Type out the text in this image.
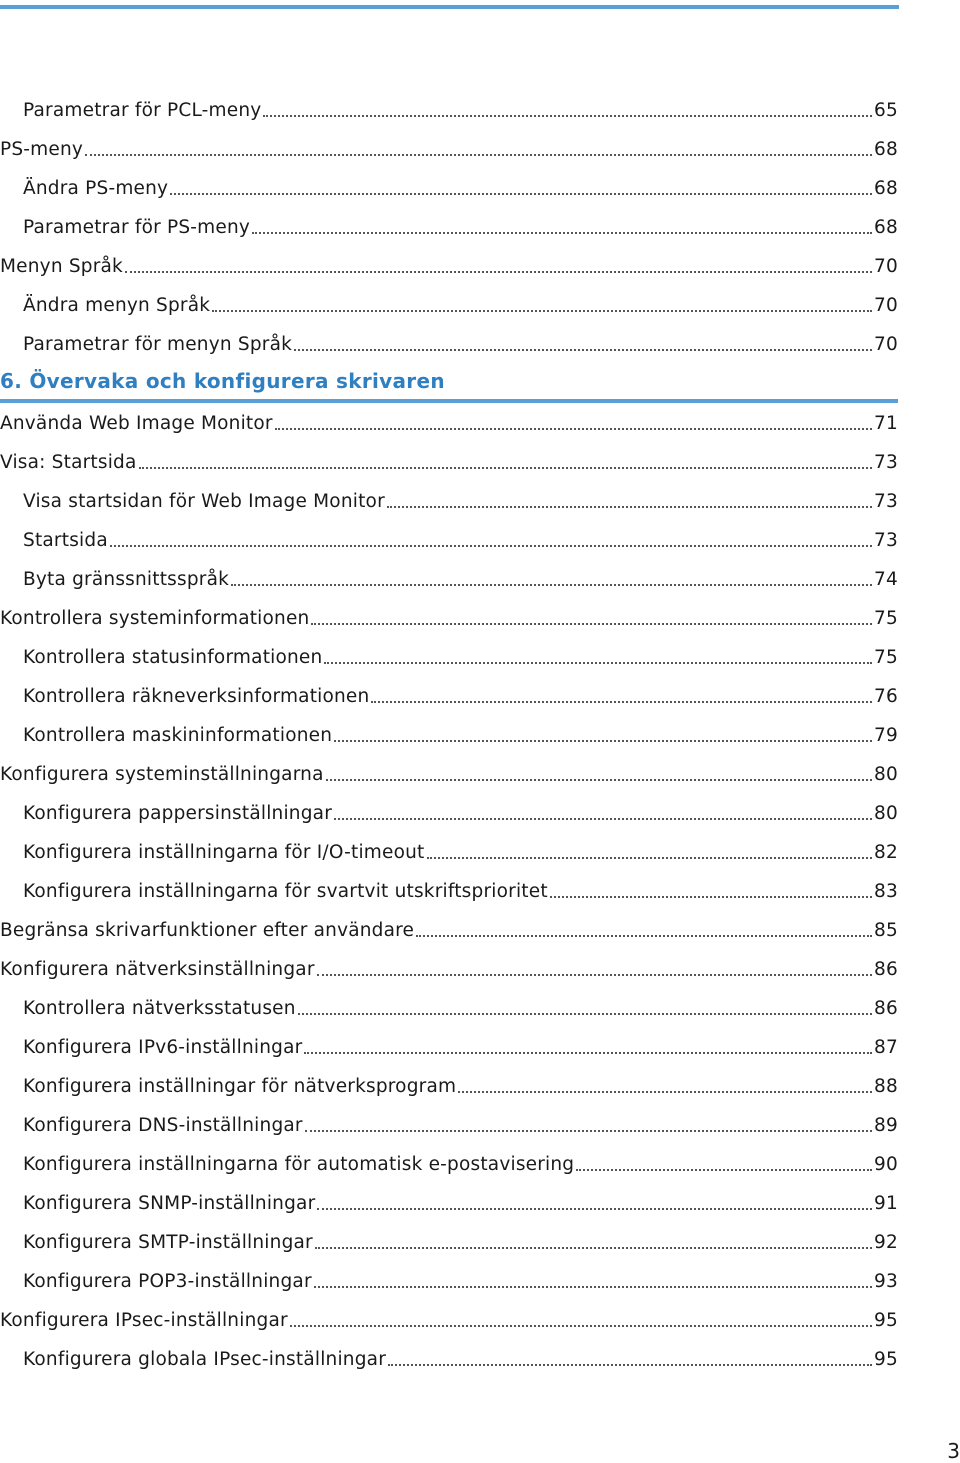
Parametrar för PCL-meny	65
PS-meny	68
Ändra PS-meny	68
Parametrar för PS-meny	68
Menyn Språk	70
Ändra menyn Språk	70
Parametrar för menyn Språk	70
6. Övervaka och konfigurera skrivaren
Använda Web Image Monitor	71
Visa: Startsida	73
Visa startsidan för Web Image Monitor	73
Startsida	73
Byta gränssnittsspråk	74
Kontrollera systeminformationen	75
Kontrollera statusinformationen	75
Kontrollera räkneverksinformationen	76
Kontrollera maskininformationen	79
Konfigurera systeminställningarna	80
Konfigurera pappersinställningar	80
Konfigurera inställningarna för I/O-timeout	82
Konfigurera inställningarna för svartvit utskriftsprioritet	83
Begränsa skrivarfunktioner efter användare	85
Konfigurera nätverksinställningar	86
Kontrollera nätverksstatusen	86
Konfigurera IPv6-inställningar	87
Konfigurera inställningar för nätverksprogram	88
Konfigurera DNS-inställningar	89
Konfigurera inställningarna för automatisk e-postavisering	90
Konfigurera SNMP-inställningar	91
Konfigurera SMTP-inställningar	92
Konfigurera POP3-inställningar	93
Konfigurera IPsec-inställningar	95
Konfigurera globala IPsec-inställningar	95
3
